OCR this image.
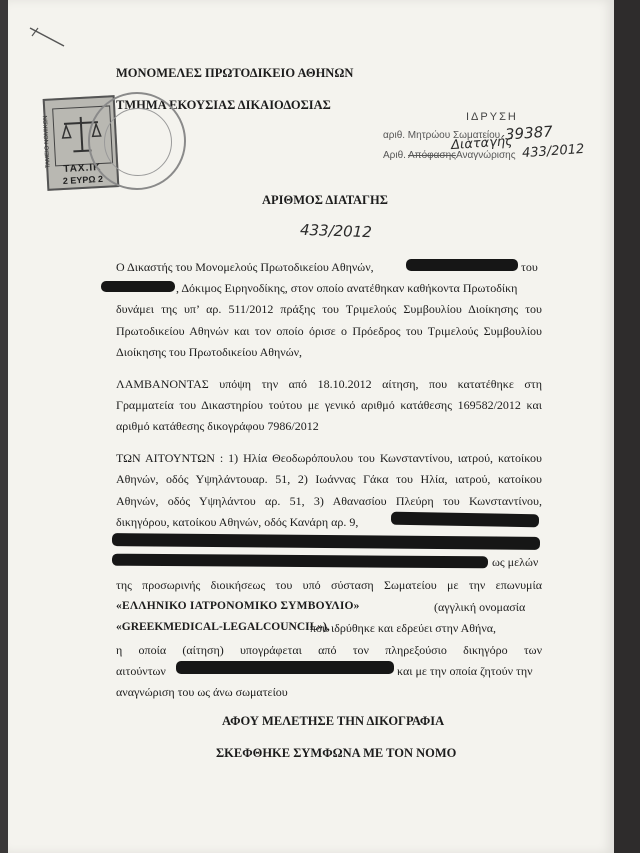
ΜΟΝΟΜΕΛΕΣ ΠΡΩΤΟΔΙΚΕΙΟ ΑΘΗΝΩΝ
ΤΜΗΜΑ ΕΚΟΥΣΙΑΣ ΔΙΚΑΙΟΔΟΣΙΑΣ
ΤΑΧ.ΙΚ
2 ΕΥΡΩ 2
ΤΑΜΕΙΟ ΝΟΜΙΚΩΝ	ΙΔΡΥΣΗ
αριθ. Μητρώου Σωματείου 39387
Διαταγής
Αριθ. Απόφασης Αναγνώρισης 433/2012
ΑΡΙΘΜΟΣ ΔΙΑΤΑΓΗΣ
433/2012
Ο Δικαστής του Μονομελούς Πρωτοδικείου Αθηνών,	του
, Δόκιμος Ειρηνοδίκης, στον οποίο ανατέθηκαν καθήκοντα Πρωτοδίκη
δυνάμει της υπ’ αρ. 511/2012 πράξης του Τριμελούς Συμβουλίου Διοίκησης του
Πρωτοδικείου Αθηνών και τον οποίο όρισε ο Πρόεδρος του Τριμελούς Συμβουλίου
Διοίκησης του Πρωτοδικείου Αθηνών,
ΛΑΜΒΑΝΟΝΤΑΣ υπόψη την από 18.10.2012 αίτηση, που κατατέθηκε στη
Γραμματεία του Δικαστηρίου τούτου με γενικό αριθμό κατάθεσης 169582/2012 και
αριθμό κατάθεσης δικογράφου 7986/2012
ΤΩΝ ΑΙΤΟΥΝΤΩΝ : 1) Ηλία Θεοδωρόπουλου του Κωνσταντίνου, ιατρού, κατοίκου
Αθηνών, οδός Υψηλάντουαρ. 51, 2) Ιωάννας Γάκα του Ηλία, ιατρού, κατοίκου
Αθηνών, οδός Υψηλάντου αρ. 51, 3) Αθανασίου Πλεύρη του Κωνσταντίνου,
δικηγόρου, κατοίκου Αθηνών, οδός Κανάρη αρ. 9,
ως μελών
της προσωρινής διοικήσεως του υπό σύσταση Σωματείου με την επωνυμία
«ΕΛΛΗΝΙΚΟ ΙΑΤΡΟΝΟΜΙΚΟ ΣΥΜΒΟΥΛΙΟ»	(αγγλική ονομασία
«GREEKMEDICAL-LEGALCOUNCIL»),
που ιδρύθηκε και εδρεύει στην Αθήνα,
η οποία (αίτηση) υπογράφεται από τον πληρεξούσιο δικηγόρο των
αιτούντων	και με την οποία ζητούν την
αναγνώριση του ως άνω σωματείου
ΑΦΟΥ ΜΕΛΕΤΗΣΕ ΤΗΝ ΔΙΚΟΓΡΑΦΙΑ
ΣΚΕΦΘΗΚΕ ΣΥΜΦΩΝΑ ΜΕ ΤΟΝ ΝΟΜΟ
